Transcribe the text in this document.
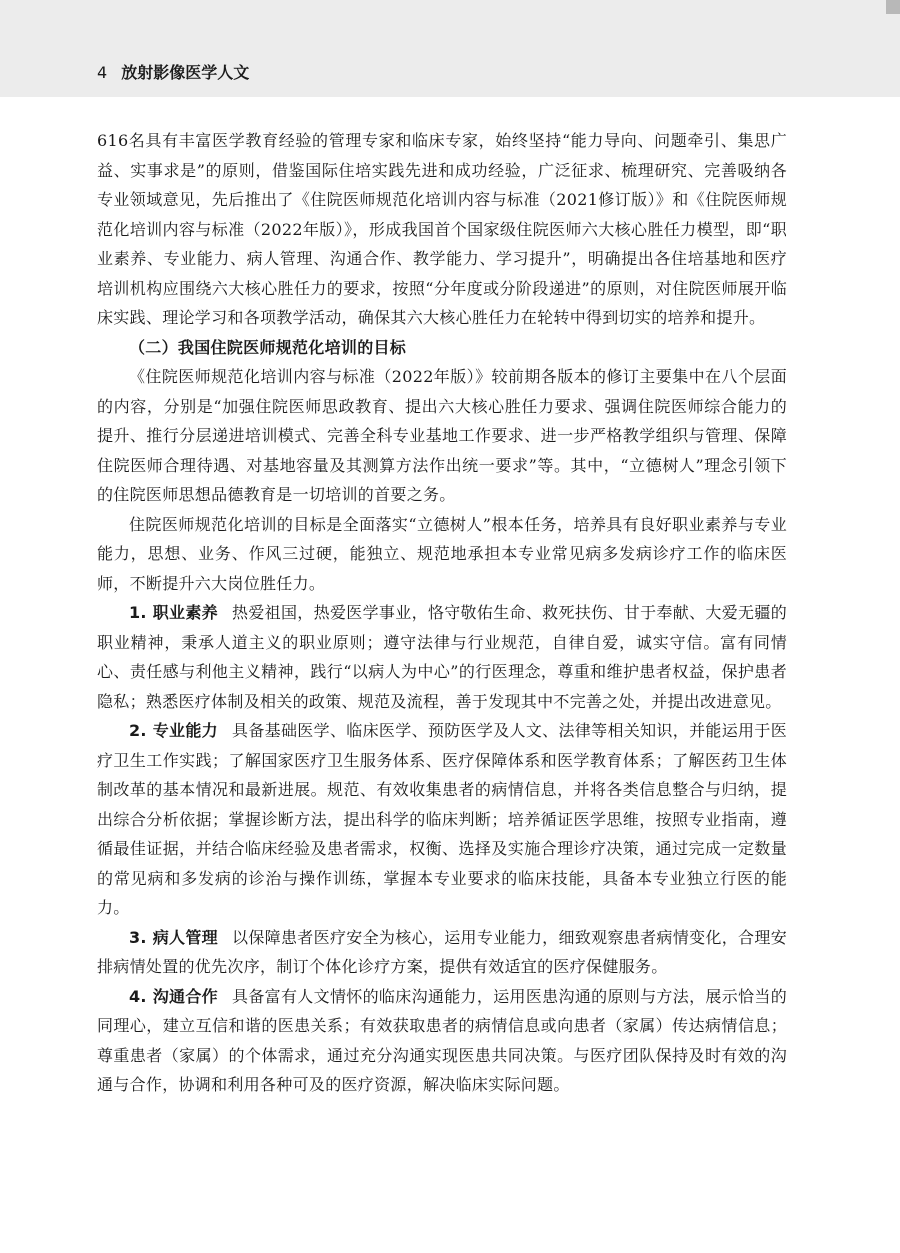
4 放射影像医学人文

616名具有丰富医学教育经验的管理专家和临床专家，始终坚持“能力导向、问题牵引、集思广益、实事求是”的原则，借鉴国际住培实践先进和成功经验，广泛征求、梳理研究、完善吸纳各专业领域意见，先后推出了《住院医师规范化培训内容与标准（2021修订版）》和《住院医师规范化培训内容与标准（2022年版）》，形成我国首个国家级住院医师六大核心胜任力模型，即“职业素养、专业能力、病人管理、沟通合作、教学能力、学习提升”，明确提出各住培基地和医疗培训机构应围绕六大核心胜任力的要求，按照“分年度或分阶段递进”的原则，对住院医师展开临床实践、理论学习和各项教学活动，确保其六大核心胜任力在轮转中得到切实的培养和提升。

（二）我国住院医师规范化培训的目标

《住院医师规范化培训内容与标准（2022年版）》较前期各版本的修订主要集中在八个层面的内容，分别是“加强住院医师思政教育、提出六大核心胜任力要求、强调住院医师综合能力的提升、推行分层递进培训模式、完善全科专业基地工作要求、进一步严格教学组织与管理、保障住院医师合理待遇、对基地容量及其测算方法作出统一要求”等。其中，“立德树人”理念引领下的住院医师思想品德教育是一切培训的首要之务。

住院医师规范化培训的目标是全面落实“立德树人”根本任务，培养具有良好职业素养与专业能力，思想、业务、作风三过硬，能独立、规范地承担本专业常见病多发病诊疗工作的临床医师，不断提升六大岗位胜任力。

1. 职业素养 热爱祖国，热爱医学事业，恪守敬佑生命、救死扶伤、甘于奉献、大爱无疆的职业精神，秉承人道主义的职业原则；遵守法律与行业规范，自律自爱，诚实守信。富有同情心、责任感与利他主义精神，践行“以病人为中心”的行医理念，尊重和维护患者权益，保护患者隐私；熟悉医疗体制及相关的政策、规范及流程，善于发现其中不完善之处，并提出改进意见。

2. 专业能力 具备基础医学、临床医学、预防医学及人文、法律等相关知识，并能运用于医疗卫生工作实践；了解国家医疗卫生服务体系、医疗保障体系和医学教育体系；了解医药卫生体制改革的基本情况和最新进展。规范、有效收集患者的病情信息，并将各类信息整合与归纳，提出综合分析依据；掌握诊断方法，提出科学的临床判断；培养循证医学思维，按照专业指南，遵循最佳证据，并结合临床经验及患者需求，权衡、选择及实施合理诊疗决策，通过完成一定数量的常见病和多发病的诊治与操作训练，掌握本专业要求的临床技能，具备本专业独立行医的能力。

3. 病人管理 以保障患者医疗安全为核心，运用专业能力，细致观察患者病情变化，合理安排病情处置的优先次序，制订个体化诊疗方案，提供有效适宜的医疗保健服务。

4. 沟通合作 具备富有人文情怀的临床沟通能力，运用医患沟通的原则与方法，展示恰当的同理心，建立互信和谐的医患关系；有效获取患者的病情信息或向患者（家属）传达病情信息；尊重患者（家属）的个体需求，通过充分沟通实现医患共同决策。与医疗团队保持及时有效的沟通与合作，协调和利用各种可及的医疗资源，解决临床实际问题。
